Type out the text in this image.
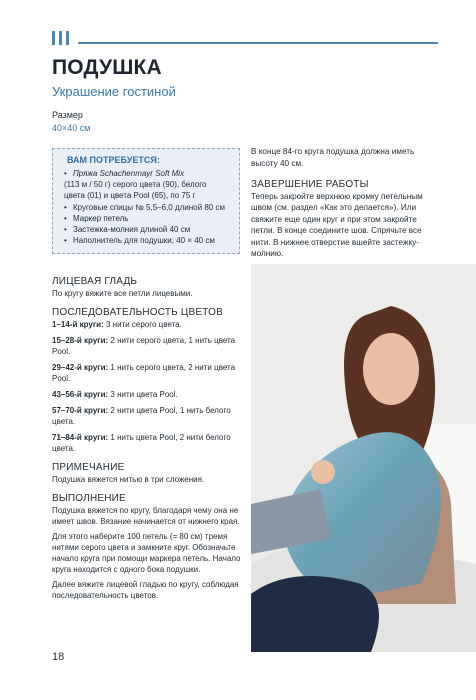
ПОДУШКА
Украшение гостиной
Размер
40×40 см
ВАМ ПОТРЕБУЕТСЯ:
• Пряжа Schachenmayr Soft Mix
(113 м / 50 г) серого цвета (90), белого
цвета (01) и цвета Pool (65), по 75 г
• Круговые спицы № 5,5–6,0 длиной 80 см
• Маркер петель
• Застежка-молния длиной 40 см
• Наполнитель для подушки, 40 × 40 см
В конце 84-го круга подушка должна иметь высоту 40 см.
ЗАВЕРШЕНИЕ РАБОТЫ
Теперь закройте верхнюю кромку петельным швом (см. раздел «Как это делается»). Или свяжите еще один круг и при этом закройте петли. В конце соедините шов. Спрячьте все нити. В нижнее отверстие вшейте застежку-молнию.
ЛИЦЕВАЯ ГЛАДЬ
По кругу вяжите все петли лицевыми.
ПОСЛЕДОВАТЕЛЬНОСТЬ ЦВЕТОВ
1–14-й круги: 3 нити серого цвета.
15–28-й круги: 2 нити серого цвета, 1 нить цвета Pool.
29–42-й круги: 1 нить серого цвета, 2 нити цвета Pool.
43–56-й круги: 3 нити цвета Pool.
57–70-й круги: 2 нити цвета Pool, 1 нить белого цвета.
71–84-й круги: 1 нить цвета Pool, 2 нити белого цвета.
ПРИМЕЧАНИЕ
Подушка вяжется нитью в три сложения.
ВЫПОЛНЕНИЕ
Подушка вяжется по кругу, благодаря чему она не имеет швов. Вязание начинается от нижнего края.
Для этого наберите 100 петель (= 80 см) тремя нитями серого цвета и замкните круг. Обозначьте начало круга при помощи маркера петель. Начало круга находится с одного бока подушки.
Далее вяжите лицевой гладью по кругу, соблюдая последовательность цветов.
18
